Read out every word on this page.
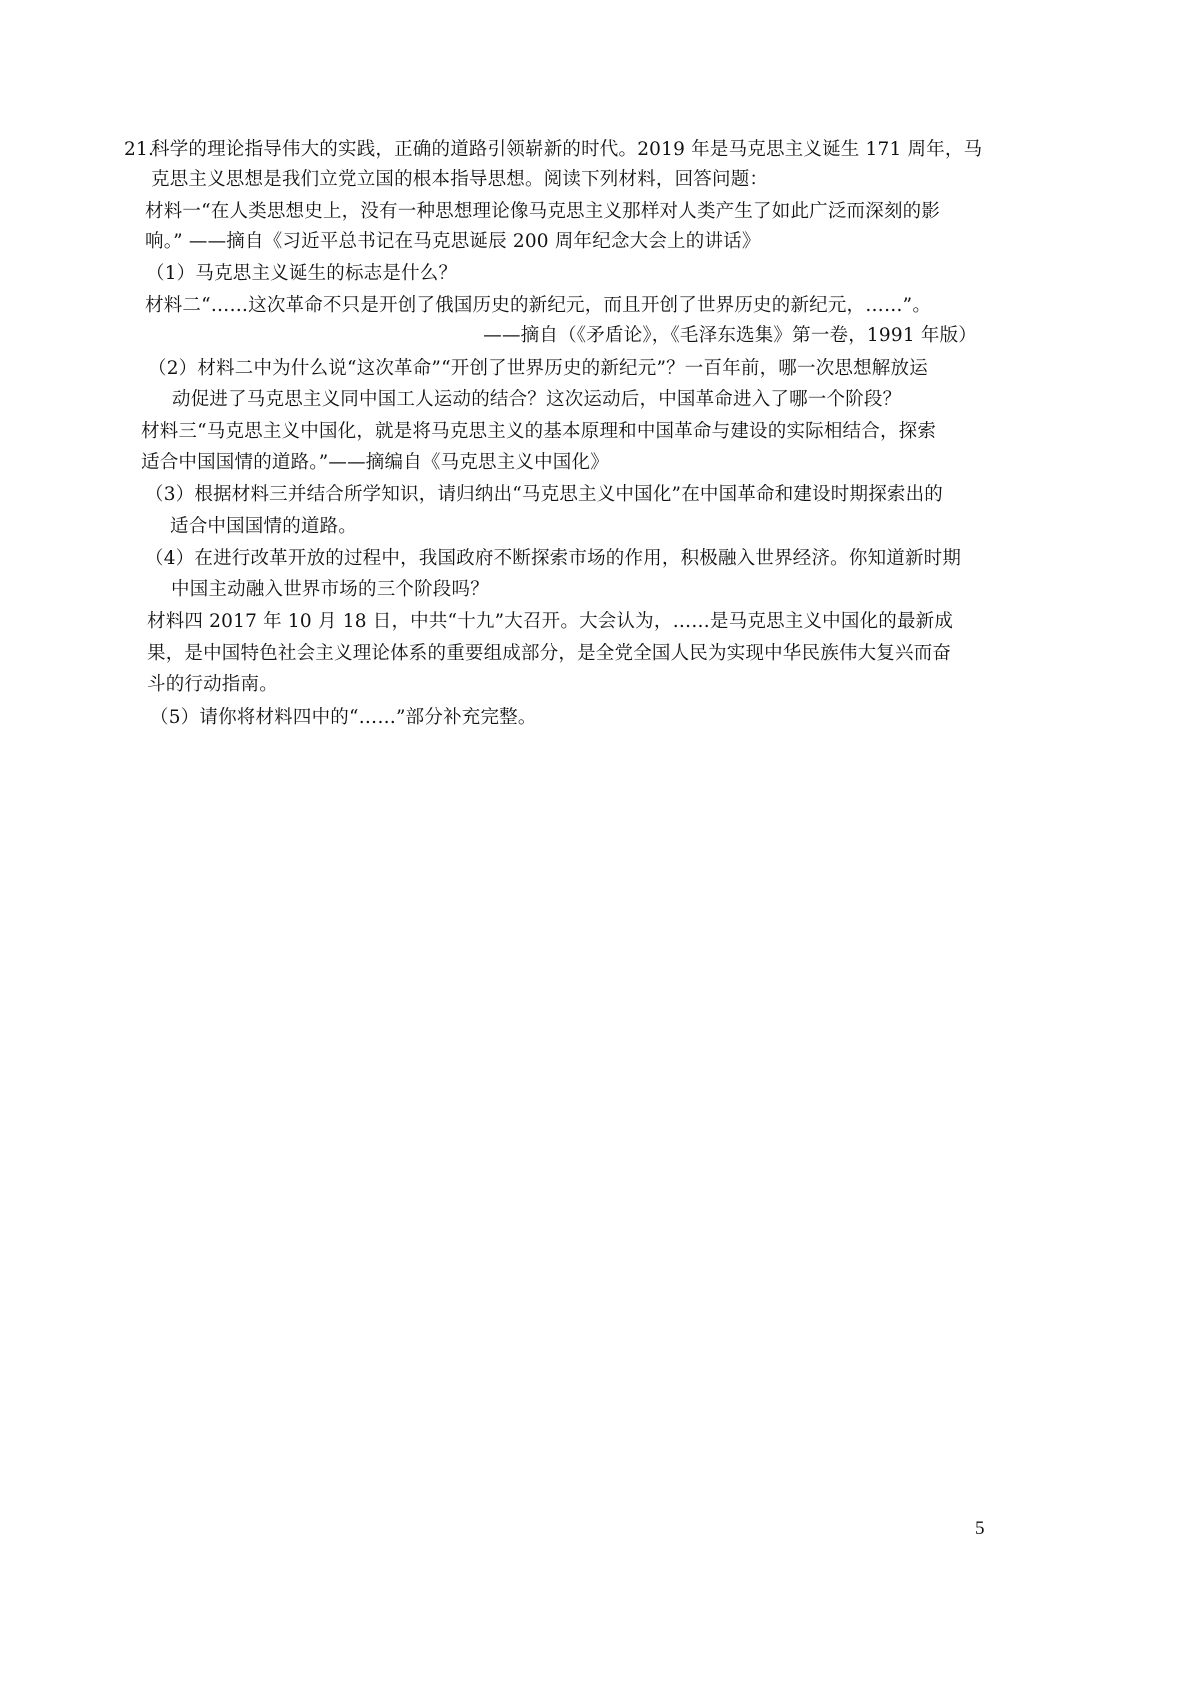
21.
科学的理论指导伟大的实践，正确的道路引领崭新的时代。2019 年是马克思主义诞生 171 周年，马
克思主义思想是我们立党立国的根本指导思想。阅读下列材料，回答问题：
材料一“在人类思想史上，没有一种思想理论像马克思主义那样对人类产生了如此广泛而深刻的影
响。” ——摘自《习近平总书记在马克思诞辰 200 周年纪念大会上的讲话》
（1）马克思主义诞生的标志是什么？
材料二“……这次革命不只是开创了俄国历史的新纪元，而且开创了世界历史的新纪元，……”。
——摘自（《矛盾论》，《毛泽东选集》第一卷，1991 年版）
（2）材料二中为什么说“这次革命”“开创了世界历史的新纪元”？一百年前，哪一次思想解放运
动促进了马克思主义同中国工人运动的结合？这次运动后，中国革命进入了哪一个阶段？
材料三“马克思主义中国化，就是将马克思主义的基本原理和中国革命与建设的实际相结合，探索
适合中国国情的道路。”——摘编自《马克思主义中国化》
（3）根据材料三并结合所学知识，请归纳出“马克思主义中国化”在中国革命和建设时期探索出的
适合中国国情的道路。
（4）在进行改革开放的过程中，我国政府不断探索市场的作用，积极融入世界经济。你知道新时期
中国主动融入世界市场的三个阶段吗？
材料四 2017 年 10 月 18 日，中共“十九”大召开。大会认为，……是马克思主义中国化的最新成
果，是中国特色社会主义理论体系的重要组成部分，是全党全国人民为实现中华民族伟大复兴而奋
斗的行动指南。
（5）请你将材料四中的“……”部分补充完整。
5
